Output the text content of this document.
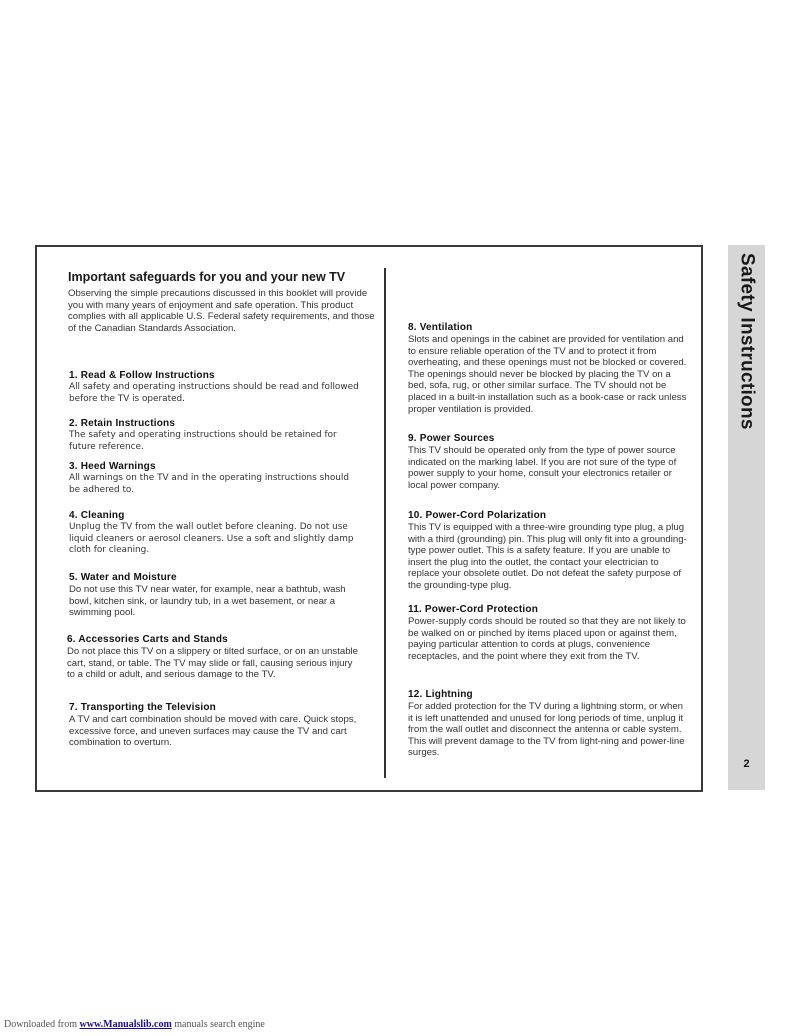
Safety Instructions
2
Important safeguards for you and your new TV

Observing the simple precautions discussed in this booklet will provide you with many years of enjoyment and safe operation. This product complies with all applicable U.S. Federal safety requirements, and those of the Canadian Standards Association.

1. Read & Follow Instructions

All safety and operating instructions should be read and followed before the TV is operated.

2. Retain Instructions

The safety and operating instructions should be retained for future reference.

3. Heed Warnings

All warnings on the TV and in the operating instructions should be adhered to.

4. Cleaning

Unplug the TV from the wall outlet before cleaning. Do not use liquid cleaners or aerosol cleaners. Use a soft and slightly damp cloth for cleaning.

5. Water and Moisture

Do not use this TV near water, for example, near a bathtub, wash bowl, kitchen sink, or laundry tub, in a wet basement, or near a swimming pool.

6. Accessories Carts and Stands

Do not place this TV on a slippery or tilted surface, or on an unstable cart, stand, or table. The TV may slide or fall, causing serious injury to a child or adult, and serious damage to the TV.

7. Transporting the Television

A TV and cart combination should be moved with care. Quick stops, excessive force, and uneven surfaces may cause the TV and cart combination to overturn.

8. Ventilation

Slots and openings in the cabinet are provided for ventilation and to ensure reliable operation of the TV and to protect it from overheating, and these openings must not be blocked or covered. The openings should never be blocked by placing the TV on a bed, sofa, rug, or other similar surface. The TV should not be placed in a built-in installation such as a book-case or rack unless proper ventilation is provided.

9. Power Sources

This TV should be operated only from the type of power source indicated on the marking label. If you are not sure of the type of power supply to your home, consult your electronics retailer or local power company.

10. Power-Cord Polarization

This TV is equipped with a three-wire grounding type plug, a plug with a third (grounding) pin. This plug will only fit into a grounding-type power outlet. This is a safety feature. If you are unable to insert the plug into the outlet, the contact your electrician to replace your obsolete outlet. Do not defeat the safety purpose of the grounding-type plug.

11. Power-Cord Protection

Power-supply cords should be routed so that they are not likely to be walked on or pinched by items placed upon or against them, paying particular attention to cords at plugs, convenience receptacles, and the point where they exit from the TV.

12. Lightning

For added protection for the TV during a lightning storm, or when it is left unattended and unused for long periods of time, unplug it from the wall outlet and disconnect the antenna or cable system. This will prevent damage to the TV from light-ning and power-line surges.

Downloaded from www.Manualslib.com manuals search engine
